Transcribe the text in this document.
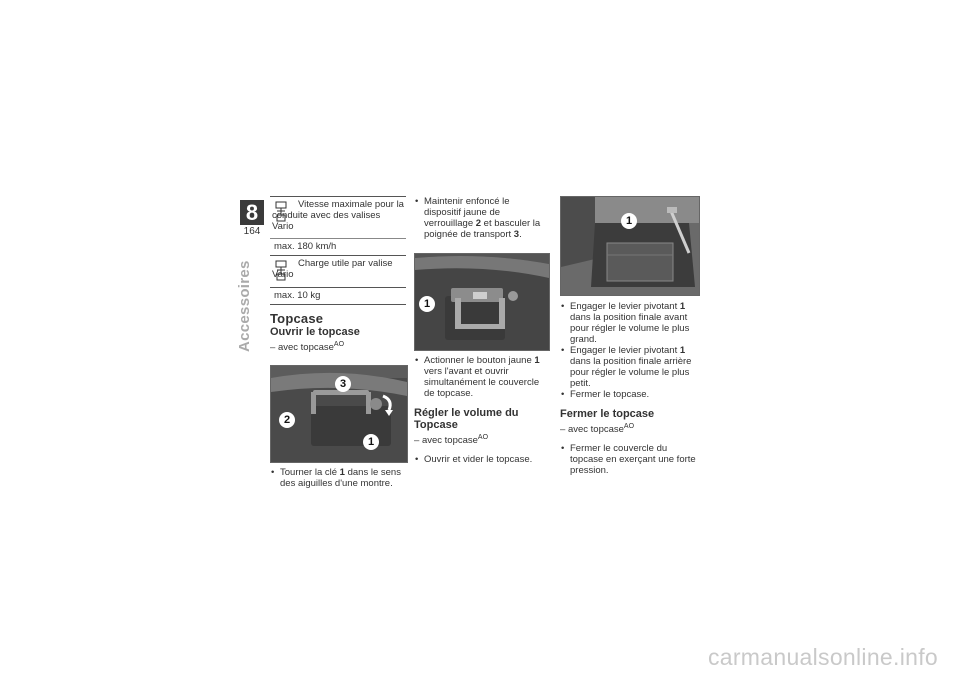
8
164
Accessoires
Vitesse maximale pour la conduite avec des valises Vario
max. 180 km/h
Charge utile par valise Vario
max. 10 kg
Topcase
Ouvrir le topcase

– avec topcase$^{AO}$

3
2
1

• Tourner la clé 1 dans le sens des aiguilles d'une montre.

• Maintenir enfoncé le dispositif jaune de verrouillage 2 et basculer la poignée de transport 3.

1

• Actionner le bouton jaune 1 vers l'avant et ouvrir simultanément le couvercle de topcase.

Régler le volume du Topcase

– avec topcase$^{AO}$

• Ouvrir et vider le topcase.

1

• Engager le levier pivotant 1 dans la position finale avant pour régler le volume le plus grand.

• Engager le levier pivotant 1 dans la position finale arrière pour régler le volume le plus petit.

• Fermer le topcase.

Fermer le topcase

– avec topcase$^{AO}$

• Fermer le couvercle du topcase en exerçant une forte pression.

carmanualsonline.info
